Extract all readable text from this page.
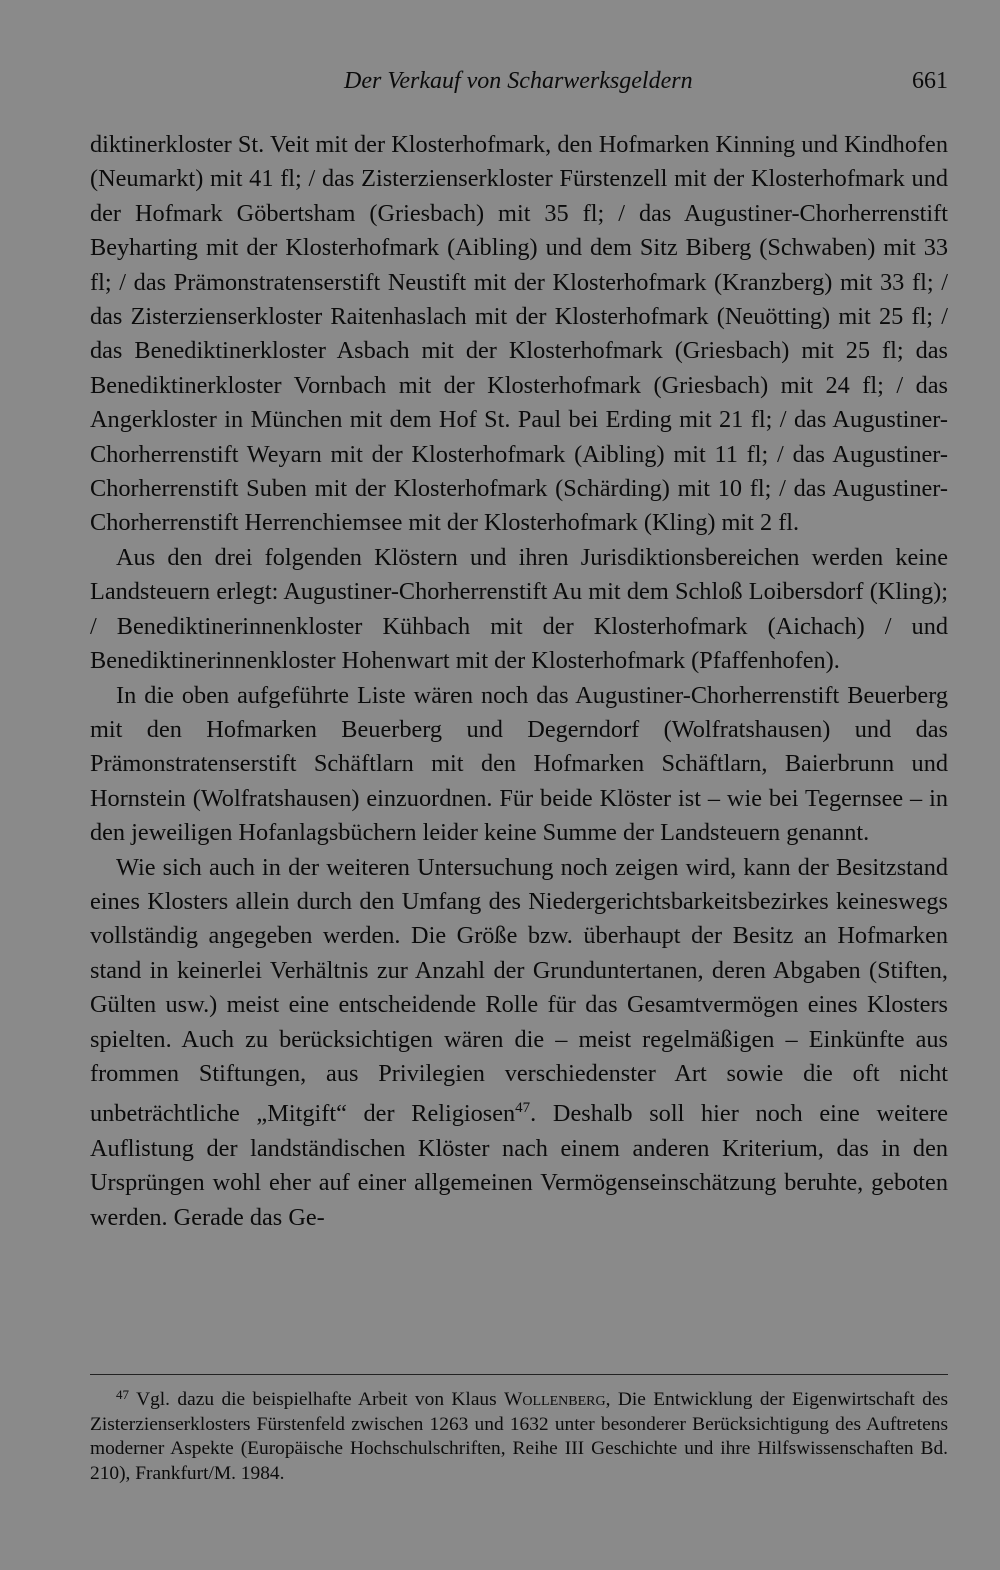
Der Verkauf von Scharwerksgeldern	661

diktinerkloster St. Veit mit der Klosterhofmark, den Hofmarken Kinning und Kindhofen (Neumarkt) mit 41 fl; / das Zisterzienserkloster Fürstenzell mit der Klosterhofmark und der Hofmark Göbertsham (Griesbach) mit 35 fl; / das Augustiner-Chorherrenstift Beyharting mit der Klosterhofmark (Aibling) und dem Sitz Biberg (Schwaben) mit 33 fl; / das Prämonstratenserstift Neustift mit der Klosterhofmark (Kranzberg) mit 33 fl; / das Zisterzienserkloster Raitenhaslach mit der Klosterhofmark (Neuötting) mit 25 fl; / das Benediktinerkloster Asbach mit der Klosterhofmark (Griesbach) mit 25 fl; das Benediktinerkloster Vornbach mit der Klosterhofmark (Griesbach) mit 24 fl; / das Angerkloster in München mit dem Hof St. Paul bei Erding mit 21 fl; / das Augustiner-Chorherrenstift Weyarn mit der Klosterhofmark (Aibling) mit 11 fl; / das Augustiner-Chorherrenstift Suben mit der Klosterhofmark (Schärding) mit 10 fl; / das Augustiner-Chorherrenstift Herrenchiemsee mit der Klosterhofmark (Kling) mit 2 fl.

Aus den drei folgenden Klöstern und ihren Jurisdiktionsbereichen werden keine Landsteuern erlegt: Augustiner-Chorherrenstift Au mit dem Schloß Loibersdorf (Kling); / Benediktinerinnenkloster Kühbach mit der Klosterhofmark (Aichach) / und Benediktinerinnenkloster Hohenwart mit der Klosterhofmark (Pfaffenhofen).

In die oben aufgeführte Liste wären noch das Augustiner-Chorherrenstift Beuerberg mit den Hofmarken Beuerberg und Degerndorf (Wolfratshausen) und das Prämonstratenserstift Schäftlarn mit den Hofmarken Schäftlarn, Baierbrunn und Hornstein (Wolfratshausen) einzuordnen. Für beide Klöster ist – wie bei Tegernsee – in den jeweiligen Hofanlagsbüchern leider keine Summe der Landsteuern genannt.

Wie sich auch in der weiteren Untersuchung noch zeigen wird, kann der Besitzstand eines Klosters allein durch den Umfang des Niedergerichtsbarkeitsbezirkes keineswegs vollständig angegeben werden. Die Größe bzw. überhaupt der Besitz an Hofmarken stand in keinerlei Verhältnis zur Anzahl der Grunduntertanen, deren Abgaben (Stiften, Gülten usw.) meist eine entscheidende Rolle für das Gesamtvermögen eines Klosters spielten. Auch zu berücksichtigen wären die – meist regelmäßigen – Einkünfte aus frommen Stiftungen, aus Privilegien verschiedenster Art sowie die oft nicht unbeträchtliche „Mitgift“ der Religiosen$^{47}$. Deshalb soll hier noch eine weitere Auflistung der landständischen Klöster nach einem anderen Kriterium, das in den Ursprüngen wohl eher auf einer allgemeinen Vermögenseinschätzung beruhte, geboten werden. Gerade das Ge-

$^{47}$ Vgl. dazu die beispielhafte Arbeit von Klaus Wollenberg, Die Entwicklung der Eigenwirtschaft des Zisterzienserklosters Fürstenfeld zwischen 1263 und 1632 unter besonderer Berücksichtigung des Auftretens moderner Aspekte (Europäische Hochschulschriften, Reihe III Geschichte und ihre Hilfswissenschaften Bd. 210), Frankfurt/M. 1984.
